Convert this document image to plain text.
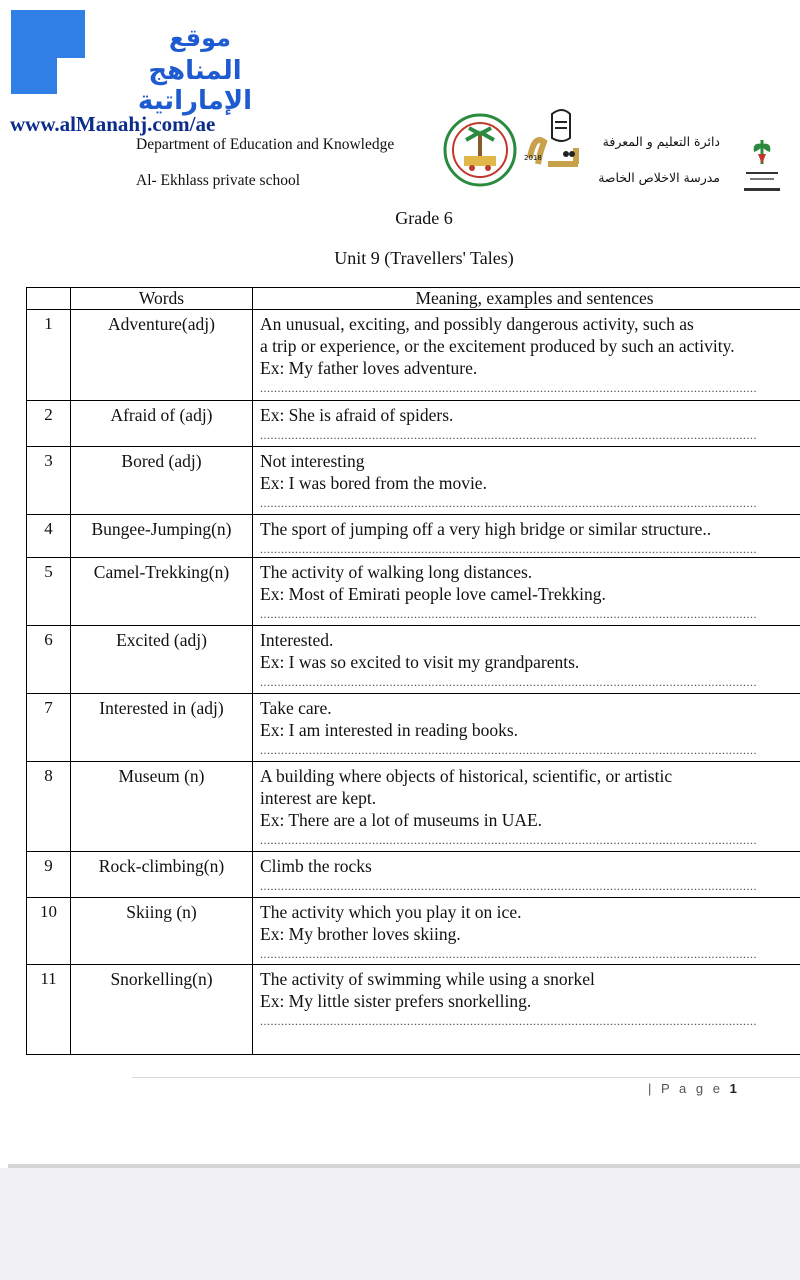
موقع
المناهج الإماراتية
www.alManahj.com/ae
Department of Education and Knowledge
Al- Ekhlass private school
دائرة التعليم و المعرفة
مدرسة الاخلاص الخاصة
2018
Grade 6
Unit 9 (Travellers' Tales)
	Words	Meaning, examples and sentences
1	Adventure(adj)	An unusual, exciting, and possibly dangerous activity, such as
a trip or experience, or the excitement produced by such an activity.
Ex: My father loves adventure.
..............................................................................................................................................

2	Afraid of (adj)	Ex: She is afraid of spiders.
..............................................................................................................................................

3	Bored (adj)	Not interesting
Ex: I was bored from the movie.
..............................................................................................................................................

4	Bungee-Jumping(n)	The sport of jumping off a very high bridge or similar structure..
..............................................................................................................................................

5	Camel-Trekking(n)	The activity of walking long distances.
Ex: Most of Emirati people love camel-Trekking.
..............................................................................................................................................

6	Excited (adj)	Interested.
Ex: I was so excited to visit my grandparents.
..............................................................................................................................................

7	Interested in (adj)	Take care.
Ex: I am interested in reading books.
..............................................................................................................................................

8	Museum (n)	A building where objects of historical, scientific, or artistic
interest are kept.
Ex: There are a lot of museums in UAE.
..............................................................................................................................................

9	Rock-climbing(n)	Climb the rocks
..............................................................................................................................................

10	Skiing (n)	The activity which you play it on ice.
Ex: My brother loves skiing.
..............................................................................................................................................

11	Snorkelling(n)	The activity of swimming while using a snorkel
Ex: My little sister prefers snorkelling.
..............................................................................................................................................
| P a g e 1
